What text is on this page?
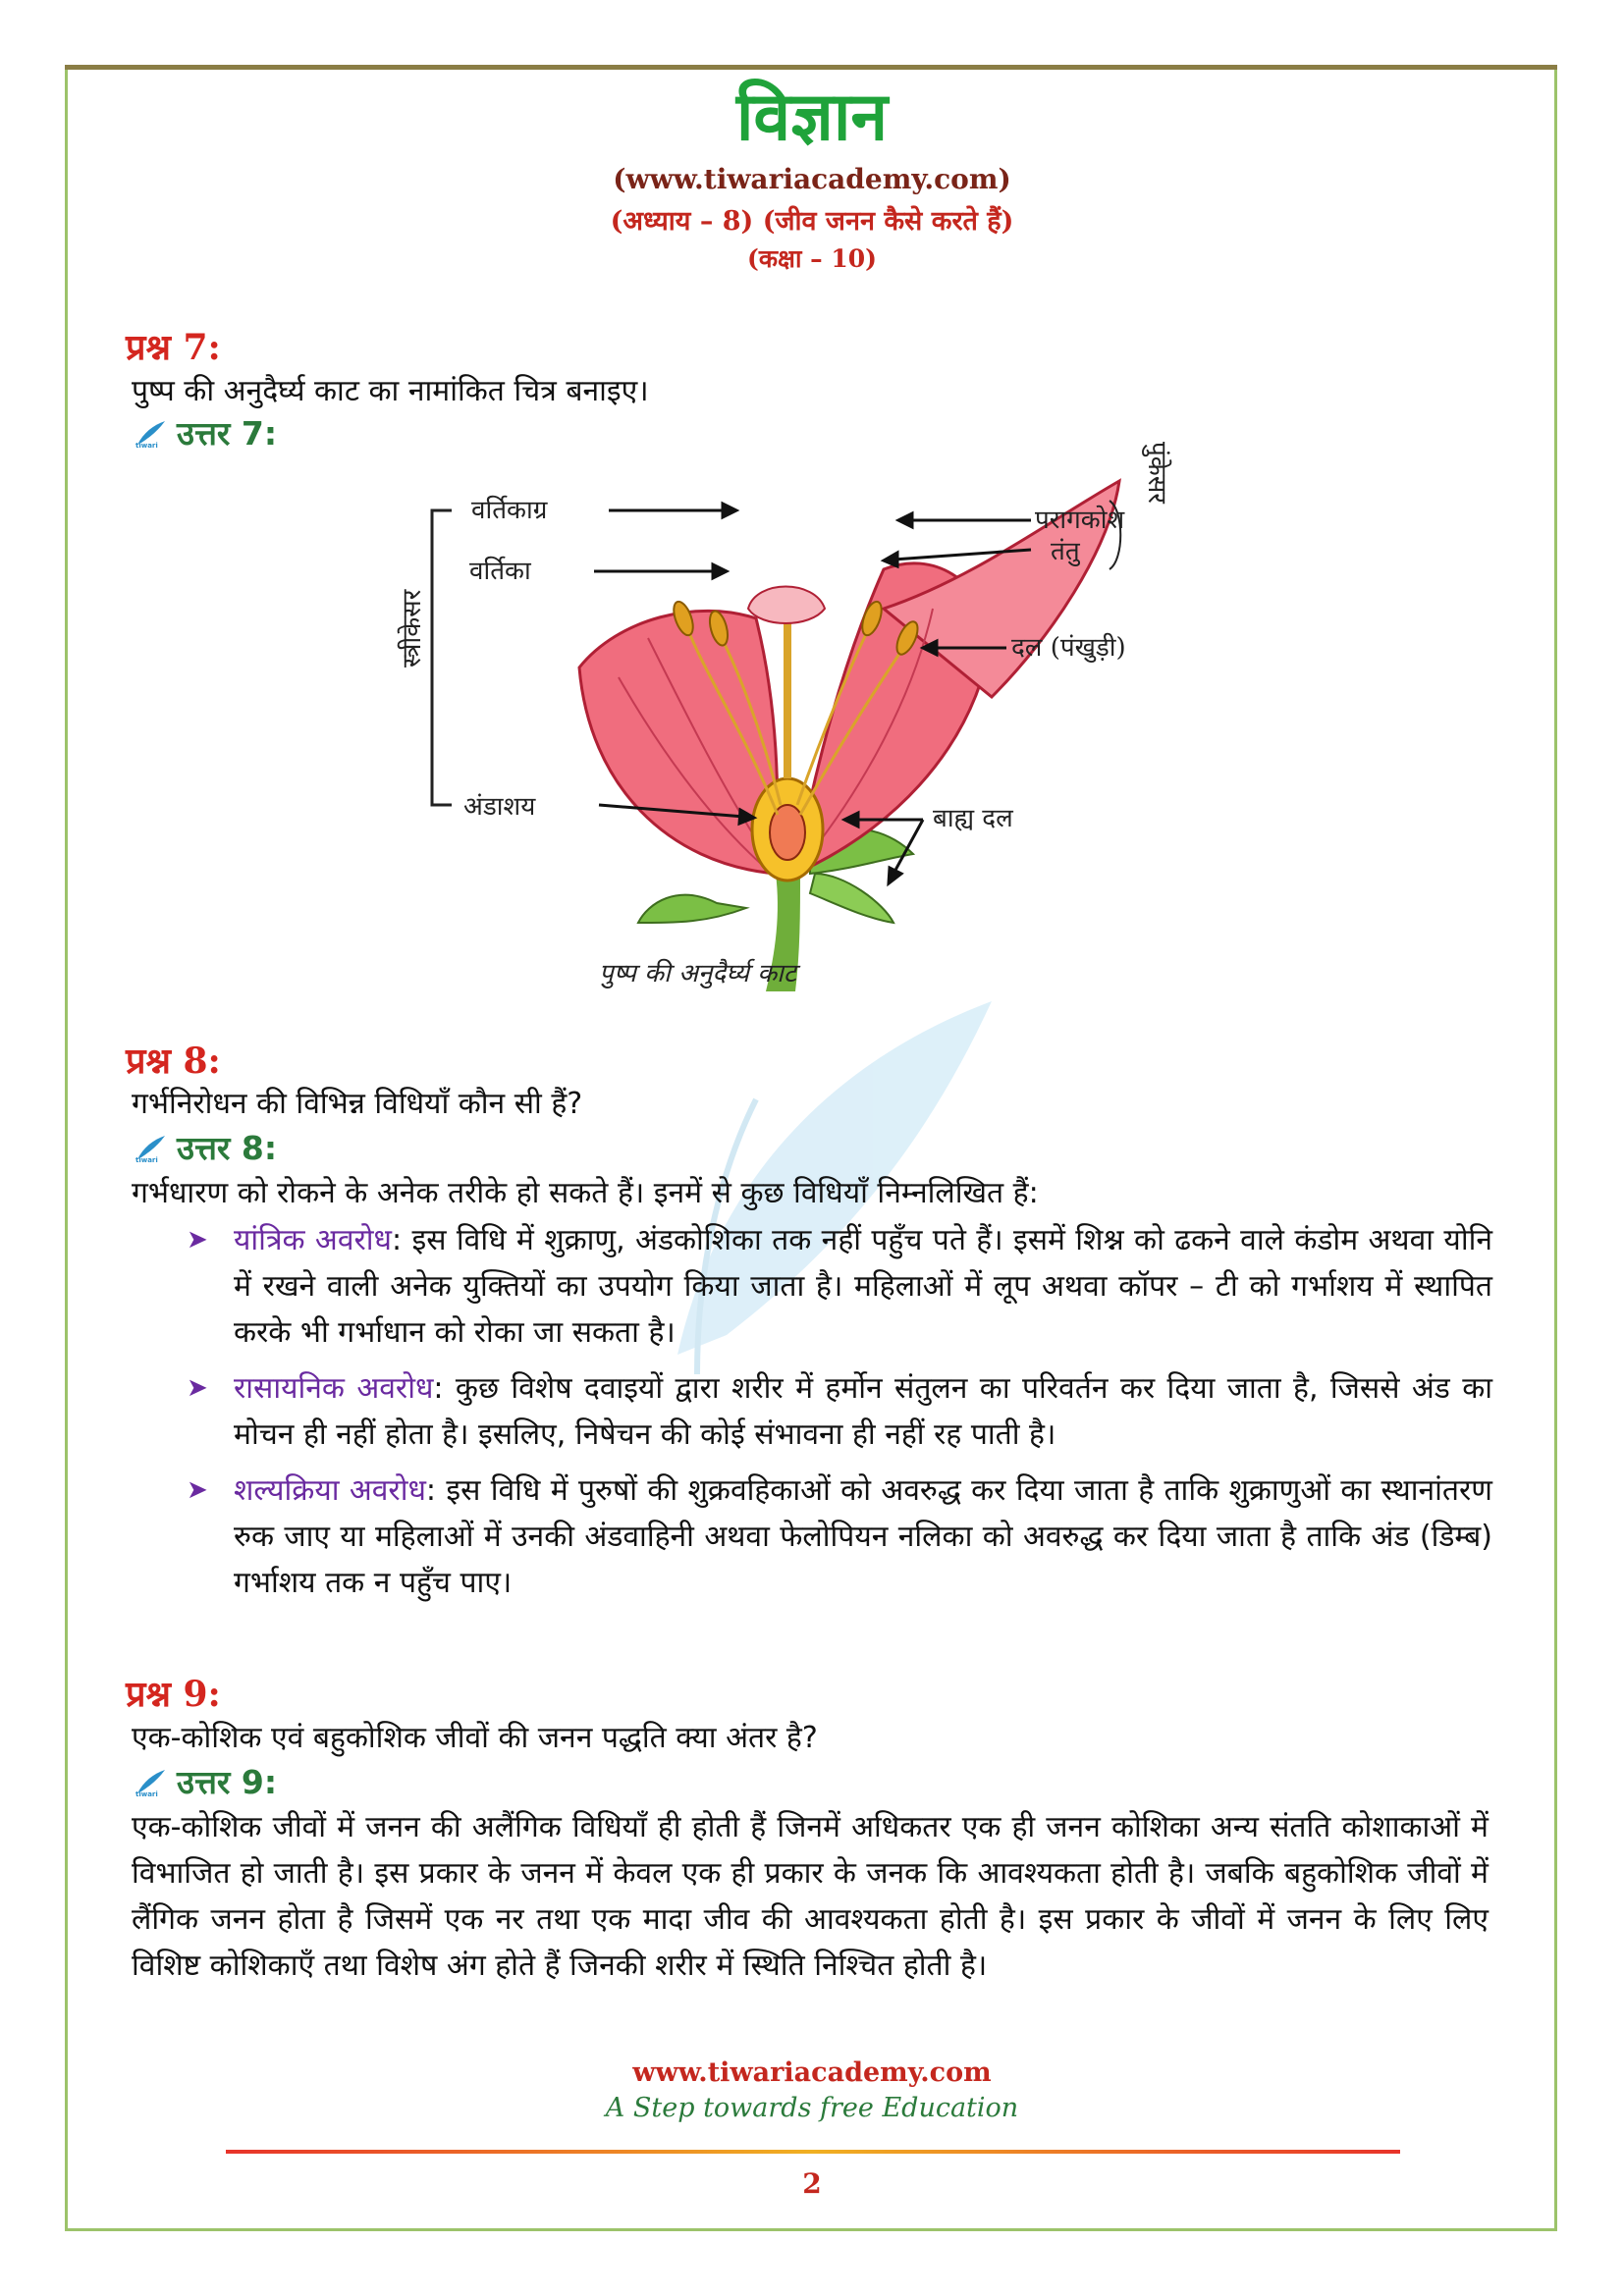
विज्ञान
(www.tiwariacademy.com)
(अध्याय – 8) (जीव जनन कैसे करते हैं)
(कक्षा – 10)
प्रश्न 7:
पुष्प की अनुदैर्घ्य काट का नामांकित चित्र बनाइए।
tiwari उत्तर 7:
स्त्रीकेसर
वर्तिकाग्र
वर्तिका
अंडाशय
परागकोश
तंतु
पुंकेसर
दल (पंखुड़ी)
बाह्य दल
पुष्प की अनुदैर्घ्य काट
प्रश्न 8:
गर्भनिरोधन की विभिन्न विधियाँ कौन सी हैं?
tiwari उत्तर 8:
गर्भधारण को रोकने के अनेक तरीके हो सकते हैं। इनमें से कुछ विधियाँ निम्नलिखित हैं:
➤ यांत्रिक अवरोध: इस विधि में शुक्राणु, अंडकोशिका तक नहीं पहुँच पते हैं। इसमें शिश्न को ढकने वाले कंडोम अथवा योनि में रखने वाली अनेक युक्तियों का उपयोग किया जाता है। महिलाओं में लूप अथवा कॉपर – टी को गर्भाशय में स्थापित करके भी गर्भाधान को रोका जा सकता है।
➤ रासायनिक अवरोध: कुछ विशेष दवाइयों द्वारा शरीर में हर्मोन संतुलन का परिवर्तन कर दिया जाता है, जिससे अंड का मोचन ही नहीं होता है। इसलिए, निषेचन की कोई संभावना ही नहीं रह पाती है।
➤ शल्यक्रिया अवरोध: इस विधि में पुरुषों की शुक्रवहिकाओं को अवरुद्ध कर दिया जाता है ताकि शुक्राणुओं का स्थानांतरण रुक जाए या महिलाओं में उनकी अंडवाहिनी अथवा फेलोपियन नलिका को अवरुद्ध कर दिया जाता है ताकि अंड (डिम्ब) गर्भाशय तक न पहुँच पाए।
प्रश्न 9:
एक-कोशिक एवं बहुकोशिक जीवों की जनन पद्धति क्या अंतर है?
tiwari उत्तर 9:
एक-कोशिक जीवों में जनन की अलैंगिक विधियाँ ही होती हैं जिनमें अधिकतर एक ही जनन कोशिका अन्य संतति कोशाकाओं में विभाजित हो जाती है। इस प्रकार के जनन में केवल एक ही प्रकार के जनक कि आवश्यकता होती है। जबकि बहुकोशिक जीवों में लैंगिक जनन होता है जिसमें एक नर तथा एक मादा जीव की आवश्यकता होती है। इस प्रकार के जीवों में जनन के लिए लिए विशिष्ट कोशिकाएँ तथा विशेष अंग होते हैं जिनकी शरीर में स्थिति निश्चित होती है।
www.tiwariacademy.com
A Step towards free Education
2
